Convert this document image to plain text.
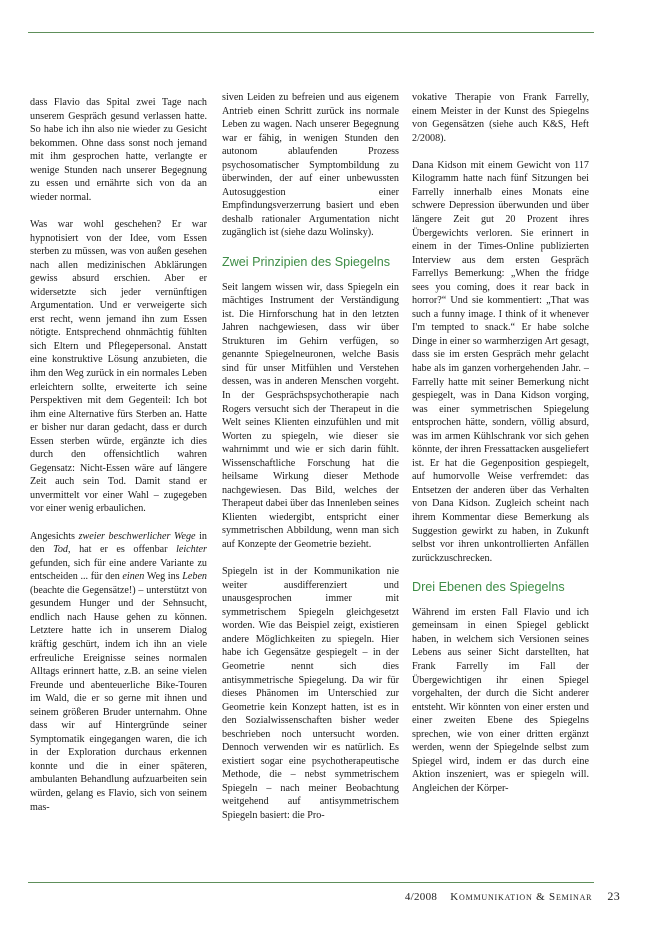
dass Flavio das Spital zwei Tage nach unserem Gespräch gesund verlassen hatte. So habe ich ihn also nie wieder zu Gesicht bekommen. Ohne dass sonst noch jemand mit ihm gesprochen hatte, verlangte er wenige Stunden nach unserer Begegnung zu essen und ernährte sich von da an wieder normal.

Was war wohl geschehen? Er war hypnotisiert von der Idee, vom Essen sterben zu müssen, was von außen gesehen nach allen medizinischen Abklärungen gewiss absurd erschien. Aber er widersetzte sich jeder vernünftigen Argumentation. Und er verweigerte sich erst recht, wenn jemand ihn zum Essen nötigte. Entsprechend ohnmächtig fühlten sich Eltern und Pflegepersonal. Anstatt eine konstruktive Lösung anzubieten, die ihm den Weg zurück in ein normales Leben erleichtern sollte, erweiterte ich seine Perspektiven mit dem Gegenteil: Ich bot ihm eine Alternative fürs Sterben an. Hatte er bisher nur daran gedacht, dass er durch Essen sterben würde, ergänzte ich dies durch den offensichtlich wahren Gegensatz: Nicht-Essen wäre auf längere Zeit auch sein Tod. Damit stand er unvermittelt vor einer Wahl – zugegeben vor einer wenig erbaulichen.

Angesichts zweier beschwerlicher Wege in den Tod, hat er es offenbar leichter gefunden, sich für eine andere Variante zu entscheiden ... für den einen Weg ins Leben (beachte die Gegensätze!) – unterstützt von gesundem Hunger und der Sehnsucht, endlich nach Hause gehen zu können. Letztere hatte ich in unserem Dialog kräftig geschürt, indem ich ihn an viele erfreuliche Ereignisse seines normalen Alltags erinnert hatte, z.B. an seine vielen Freunde und abenteuerliche Bike-Touren im Wald, die er so gerne mit ihnen und seinem größeren Bruder unternahm. Ohne dass wir auf Hintergründe seiner Symptomatik eingegangen waren, die ich in der Exploration durchaus erkennen konnte und die in einer späteren, ambulanten Behandlung aufzuarbeiten sein würden, gelang es Flavio, sich von seinem mas-

siven Leiden zu befreien und aus eigenem Antrieb einen Schritt zurück ins normale Leben zu wagen. Nach unserer Begegnung war er fähig, in wenigen Stunden den autonom ablaufenden Prozess psychosomatischer Symptombildung zu überwinden, der auf einer unbewussten Autosuggestion einer Empfindungsverzerrung basiert und eben deshalb rationaler Argumentation nicht zugänglich ist (siehe dazu Wolinsky).

Zwei Prinzipien des Spiegelns

Seit langem wissen wir, dass Spiegeln ein mächtiges Instrument der Verständigung ist. Die Hirnforschung hat in den letzten Jahren nachgewiesen, dass wir über Strukturen im Gehirn verfügen, so genannte Spiegelneuronen, welche Basis sind für unser Mitfühlen und Verstehen dessen, was in anderen Menschen vorgeht. In der Gesprächspsychotherapie nach Rogers versucht sich der Therapeut in die Welt seines Klienten einzufühlen und mit Worten zu spiegeln, wie dieser sie wahrnimmt und wie er sich darin fühlt. Wissenschaftliche Forschung hat die heilsame Wirkung dieser Methode nachgewiesen. Das Bild, welches der Therapeut dabei über das Innenleben seines Klienten wiedergibt, entspricht einer symmetrischen Abbildung, wenn man sich auf Konzepte der Geometrie bezieht.

Spiegeln ist in der Kommunikation nie weiter ausdifferenziert und unausgesprochen immer mit symmetrischem Spiegeln gleichgesetzt worden. Wie das Beispiel zeigt, existieren andere Möglichkeiten zu spiegeln. Hier habe ich Gegensätze gespiegelt – in der Geometrie nennt sich dies antisymmetrische Spiegelung. Da wir für dieses Phänomen im Unterschied zur Geometrie kein Konzept hatten, ist es in den Sozialwissenschaften bisher weder beschrieben noch untersucht worden. Dennoch verwenden wir es natürlich. Es existiert sogar eine psychotherapeutische Methode, die – nebst symmetrischem Spiegeln – nach meiner Beobachtung weitgehend auf antisymmetrischem Spiegeln basiert: die Pro-

vokative Therapie von Frank Farrelly, einem Meister in der Kunst des Spiegelns von Gegensätzen (siehe auch K&S, Heft 2/2008).

Dana Kidson mit einem Gewicht von 117 Kilogramm hatte nach fünf Sitzungen bei Farrelly innerhalb eines Monats eine schwere Depression überwunden und über längere Zeit gut 20 Prozent ihres Übergewichts verloren. Sie erinnert in einem in der Times-Online publizierten Interview aus dem ersten Gespräch Farrellys Bemerkung: „When the fridge sees you coming, does it rear back in horror?“ Und sie kommentiert: „That was such a funny image. I think of it whenever I'm tempted to snack.“ Er habe solche Dinge in einer so warmherzigen Art gesagt, dass sie im ersten Gespräch mehr gelacht habe als im ganzen vorhergehenden Jahr. – Farrelly hatte mit seiner Bemerkung nicht gespiegelt, was in Dana Kidson vorging, was einer symmetrischen Spiegelung entsprochen hätte, sondern, völlig absurd, was im armen Kühlschrank vor sich gehen könnte, der ihren Fressattacken ausgeliefert ist. Er hat die Gegenposition gespiegelt, auf humorvolle Weise verfremdet: das Entsetzen der anderen über das Verhalten von Dana Kidson. Zugleich scheint nach ihrem Kommentar diese Bemerkung als Suggestion gewirkt zu haben, in Zukunft selbst vor ihren unkontrollierten Anfällen zurückzuschrecken.

Drei Ebenen des Spiegelns

Während im ersten Fall Flavio und ich gemeinsam in einen Spiegel geblickt haben, in welchem sich Versionen seines Lebens aus seiner Sicht darstellten, hat Frank Farrelly im Fall der Übergewichtigen ihr einen Spiegel vorgehalten, der durch die Sicht anderer entsteht. Wir könnten von einer ersten und einer zweiten Ebene des Spiegelns sprechen, wie von einer dritten ergänzt werden, wenn der Spiegelnde selbst zum Spiegel wird, indem er das durch eine Aktion inszeniert, was er spiegeln will. Angleichen der Körper-

4/2008 Kommunikation & Seminar 23
